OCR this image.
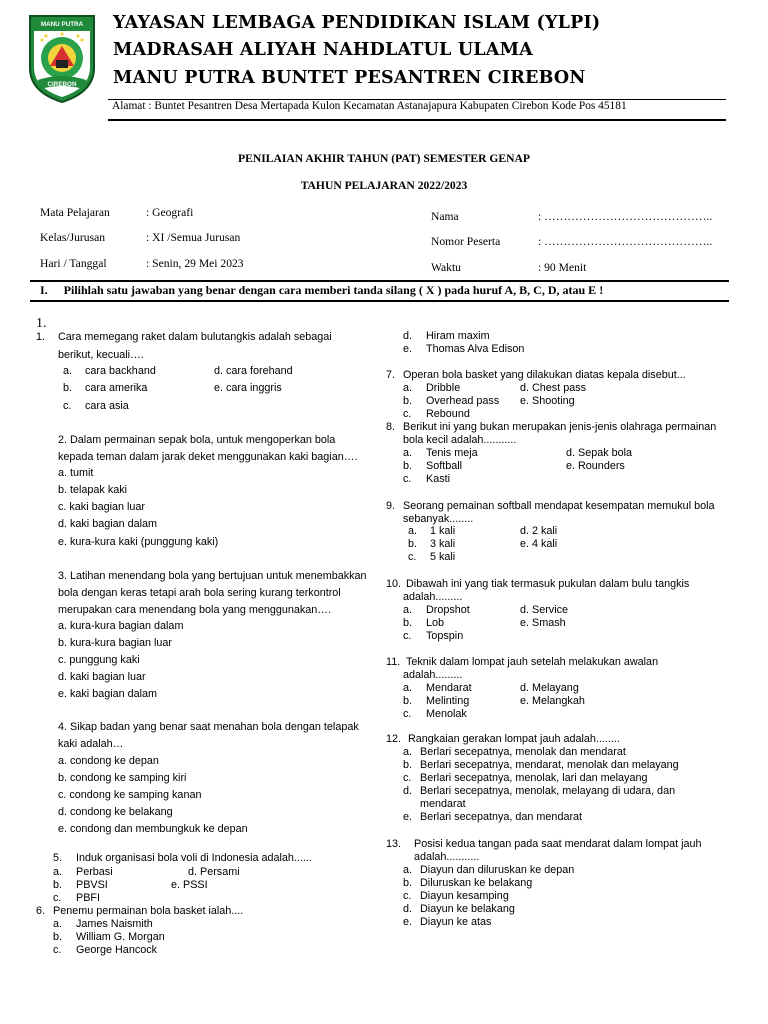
MANU PUTRA
CIREBON
YAYASAN LEMBAGA PENDIDIKAN ISLAM (YLPI)
MADRASAH ALIYAH NAHDLATUL ULAMA
MANU PUTRA BUNTET PESANTREN CIREBON
Alamat : Buntet Pesantren Desa Mertapada Kulon Kecamatan Astanajapura Kabupaten Cirebon Kode Pos 45181
PENILAIAN AKHIR TAHUN (PAT) SEMESTER GENAP
TAHUN PELAJARAN 2022/2023
Mata Pelajaran	: Geografi
Kelas/Jurusan	: XI /Semua Jurusan
Hari / Tanggal	: Senin, 29 Mei 2023
Nama	: ……………………………………..
Nomor Peserta	: ……………………………………..
Waktu	: 90 Menit
I. Pilihlah satu jawaban yang benar dengan cara memberi tanda silang ( X ) pada huruf A, B, C, D, atau E !
1.
1. Cara memegang raket dalam bulutangkis adalah sebagai
berikut, kecuali….
a. cara backhand	d. cara forehand
b. cara amerika	e. cara inggris
c. cara asia
2. Dalam permainan sepak bola, untuk mengoperkan bola
kepada teman dalam jarak deket menggunakan kaki bagian….
a. tumit
b. telapak kaki
c. kaki bagian luar
d. kaki bagian dalam
e. kura-kura kaki (punggung kaki)
3. Latihan menendang bola yang bertujuan untuk menembakkan
bola dengan keras tetapi arah bola sering kurang terkontrol
merupakan cara menendang bola yang menggunakan….
a. kura-kura bagian dalam
b. kura-kura bagian luar
c. punggung kaki
d. kaki bagian luar
e. kaki bagian dalam
4. Sikap badan yang benar saat menahan bola dengan telapak
kaki adalah…
a. condong ke depan
b. condong ke samping kiri
c. condong ke samping kanan
d. condong ke belakang
e. condong dan membungkuk ke depan
5. Induk organisasi bola voli di Indonesia adalah......
a. Perbasi	d. Persami
b. PBVSI	e. PSSI
c. PBFI
6. Penemu permainan bola basket ialah....
a. James Naismith
b. William G. Morgan
c. George Hancock
d. Hiram maxim
e. Thomas Alva Edison
7. Operan bola basket yang dilakukan diatas kepala disebut...
a. Dribble	d. Chest pass
b. Overhead pass e. Shooting
c. Rebound
8. Berikut ini yang bukan merupakan jenis-jenis olahraga permainan
bola kecil adalah...........
a. Tenis meja	d. Sepak bola
b. Softball	e. Rounders
c. Kasti
9. Seorang pemainan softball mendapat kesempatan memukul bola
sebanyak........
a. 1 kali	d. 2 kali
b. 3 kali	e. 4 kali
c. 5 kali
10. Dibawah ini yang tiak termasuk pukulan dalam bulu tangkis
adalah.........
a. Dropshot	d. Service
b. Lob	e. Smash
c. Topspin
11. Teknik dalam lompat jauh setelah melakukan awalan
adalah.........
a. Mendarat	d. Melayang
b. Melinting	e. Melangkah
c. Menolak
12. Rangkaian gerakan lompat jauh adalah........
a. Berlari secepatnya, menolak dan mendarat
b. Berlari secepatnya, mendarat, menolak dan melayang
c. Berlari secepatnya, menolak, lari dan melayang
d. Berlari secepatnya, menolak, melayang di udara, dan
mendarat
e. Berlari secepatnya, dan mendarat
13. Posisi kedua tangan pada saat mendarat dalam lompat jauh
adalah...........
a. Diayun dan diluruskan ke depan
b. Diluruskan ke belakang
c. Diayun kesamping
d. Diayun ke belakang
e. Diayun ke atas
